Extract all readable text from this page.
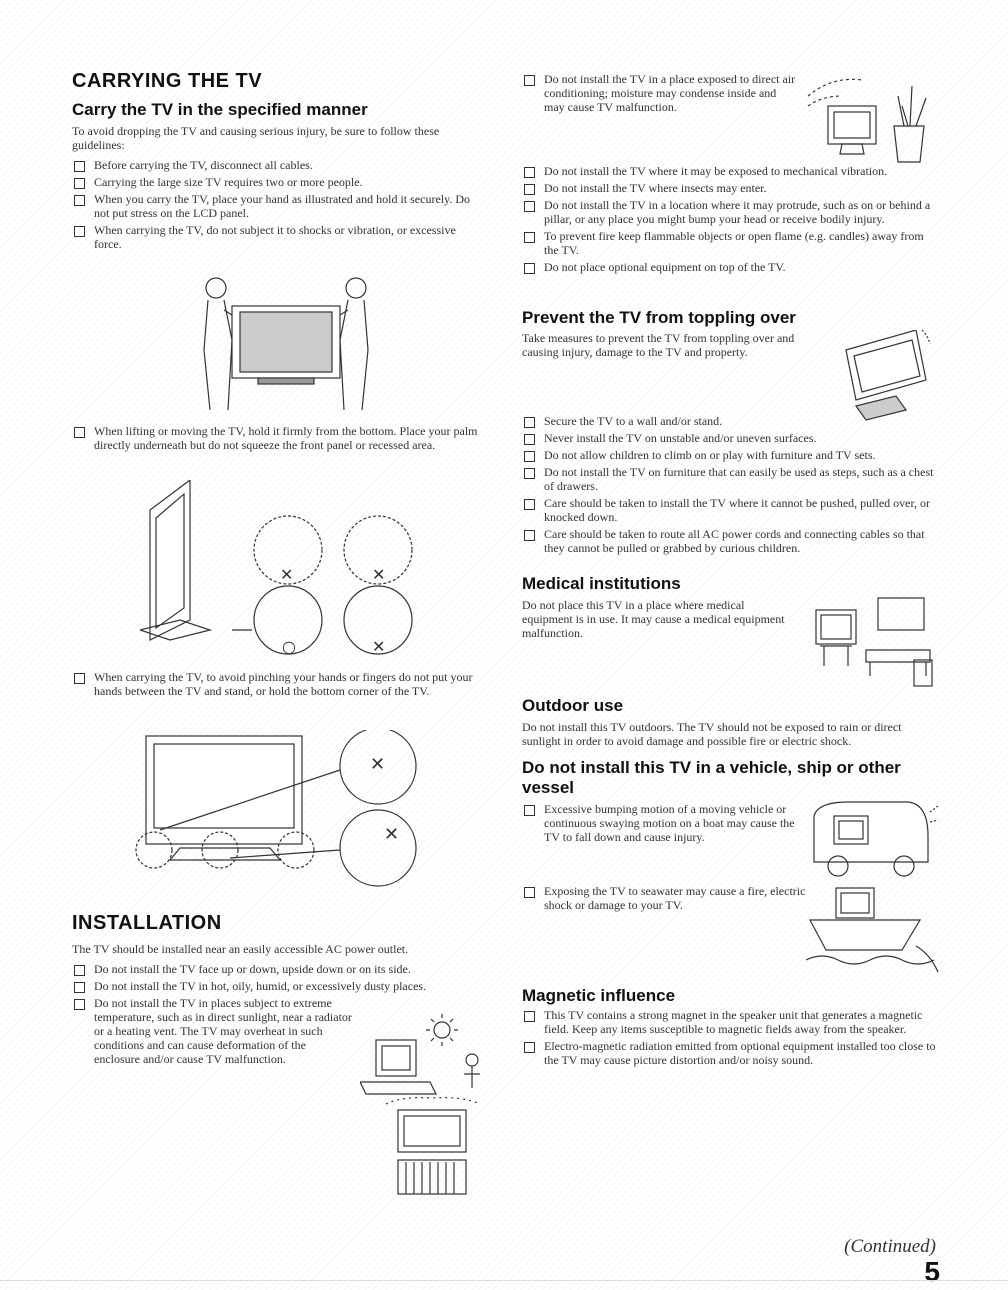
CARRYING THE TV
Carry the TV in the specified manner
To avoid dropping the TV and causing serious injury, be sure to follow these guidelines:
Before carrying the TV, disconnect all cables.
Carrying the large size TV requires two or more people.
When you carry the TV, place your hand as illustrated and hold it securely. Do not put stress on the LCD panel.
When carrying the TV, do not subject it to shocks or vibration, or excessive force.
When lifting or moving the TV, hold it firmly from the bottom. Place your palm directly underneath but do not squeeze the front panel or recessed area.
✕	✕
○	✕
When carrying the TV, to avoid pinching your hands or fingers do not put your hands between the TV and stand, or hold the bottom corner of the TV.
✕
✕
INSTALLATION
The TV should be installed near an easily accessible AC power outlet.
Do not install the TV face up or down, upside down or on its side.
Do not install the TV in hot, oily, humid, or excessively dusty places.
Do not install the TV in places subject to extreme temperature, such as in direct sunlight, near a radiator or a heating vent. The TV may overheat in such conditions and can cause deformation of the enclosure and/or cause TV malfunction.
Do not install the TV in a place exposed to direct air conditioning; moisture may condense inside and may cause TV malfunction.
Do not install the TV where it may be exposed to mechanical vibration.
Do not install the TV where insects may enter.
Do not install the TV in a location where it may protrude, such as on or behind a pillar, or any place you might bump your head or receive bodily injury.
To prevent fire keep flammable objects or open flame (e.g. candles) away from the TV.
Do not place optional equipment on top of the TV.
Prevent the TV from toppling over
Take measures to prevent the TV from toppling over and causing injury, damage to the TV and property.
Secure the TV to a wall and/or stand.
Never install the TV on unstable and/or uneven surfaces.
Do not allow children to climb on or play with furniture and TV sets.
Do not install the TV on furniture that can easily be used as steps, such as a chest of drawers.
Care should be taken to install the TV where it cannot be pushed, pulled over, or knocked down.
Care should be taken to route all AC power cords and connecting cables so that they cannot be pulled or grabbed by curious children.
Medical institutions
Do not place this TV in a place where medical equipment is in use. It may cause a medical equipment malfunction.
Outdoor use
Do not install this TV outdoors. The TV should not be exposed to rain or direct sunlight in order to avoid damage and possible fire or electric shock.
Do not install this TV in a vehicle, ship or other vessel
Excessive bumping motion of a moving vehicle or continuous swaying motion on a boat may cause the TV to fall down and cause injury.
Exposing the TV to seawater may cause a fire, electric shock or damage to your TV.
Magnetic influence
This TV contains a strong magnet in the speaker unit that generates a magnetic field. Keep any items susceptible to magnetic fields away from the speaker.
Electro-magnetic radiation emitted from optional equipment installed too close to the TV may cause picture distortion and/or noisy sound.
(Continued)
5
